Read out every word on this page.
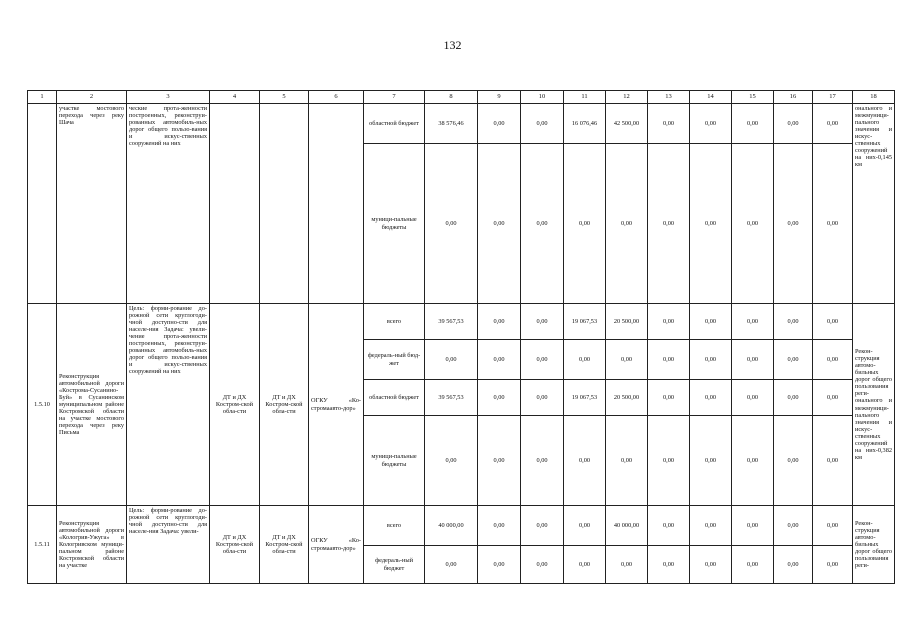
132
1	2	3	4	5	6	7	8	9	10	11	12	13	14	15	16	17	18
	участке мостового перехода через реку Шача	ческие прота-женности построенных, реконструи-рованных автомобиль-ных дорог общего пользо-вания и искус-ственных сооружений на них				областной бюджет	38 576,46	0,00	0,00	16 076,46	42 500,00	0,00	0,00	0,00	0,00	0,00	онального и межмуниципального значения и искусственных сооружений на них-0,145 км
						муници-пальные бюджеты	0,00	0,00	0,00	0,00	0,00	0,00	0,00	0,00	0,00	0,00	
1.5.10	Реконструкция автомобильной дороги «Кострома-Сусанино-Буй» в Сусанинском муниципальном районе Костромской области на участке мостового перехода через реку Письма	Цель: форми-рование до-рожной сети круглогоди-чной доступно-сти для населе-ния Задача: увели-чение прота-женности построенных, реконструи-рованных автомобиль-ных дорог общего пользо-вания и искус-ственных сооружений на них	ДТ и ДХ Костром-ской обла-сти	ДТ и ДХ Костром-ской обла-сти	ОГКУ «Ко-стромаавто-дор»	всего	39 567,53	0,00	0,00	19 067,53	20 500,00	0,00	0,00	0,00	0,00	0,00	Реконструкция автомобильных дорог общего пользования регионального и межмуниципального значения и искусственных сооружений на них-0,382 км
						федераль-ный бюд-жет	0,00	0,00	0,00	0,00	0,00	0,00	0,00	0,00	0,00	0,00	
						областной бюджет	39 567,53	0,00	0,00	19 067,53	20 500,00	0,00	0,00	0,00	0,00	0,00	
						муници-пальные бюджеты	0,00	0,00	0,00	0,00	0,00	0,00	0,00	0,00	0,00	0,00	
1.5.11	Реконструкция автомобильной дороги «Кологрив-Ужуга» в Кологривском муници-пальном районе Костромской области на участке	Цель: форми-рование до-рожной сети круглогоди-чной доступно-сти для населе-ния Задача: увели-	ДТ и ДХ Костром-ской обла-сти	ДТ и ДХ Костром-ской обла-сти	ОГКУ «Ко-стромаавто-дор»	всего	40 000,00	0,00	0,00	0,00	40 000,00	0,00	0,00	0,00	0,00	0,00	Реконструкция автомобильных дорог общего пользования реги-
						федераль-ный бюджет	0,00	0,00	0,00	0,00	0,00	0,00	0,00	0,00	0,00	0,00	
